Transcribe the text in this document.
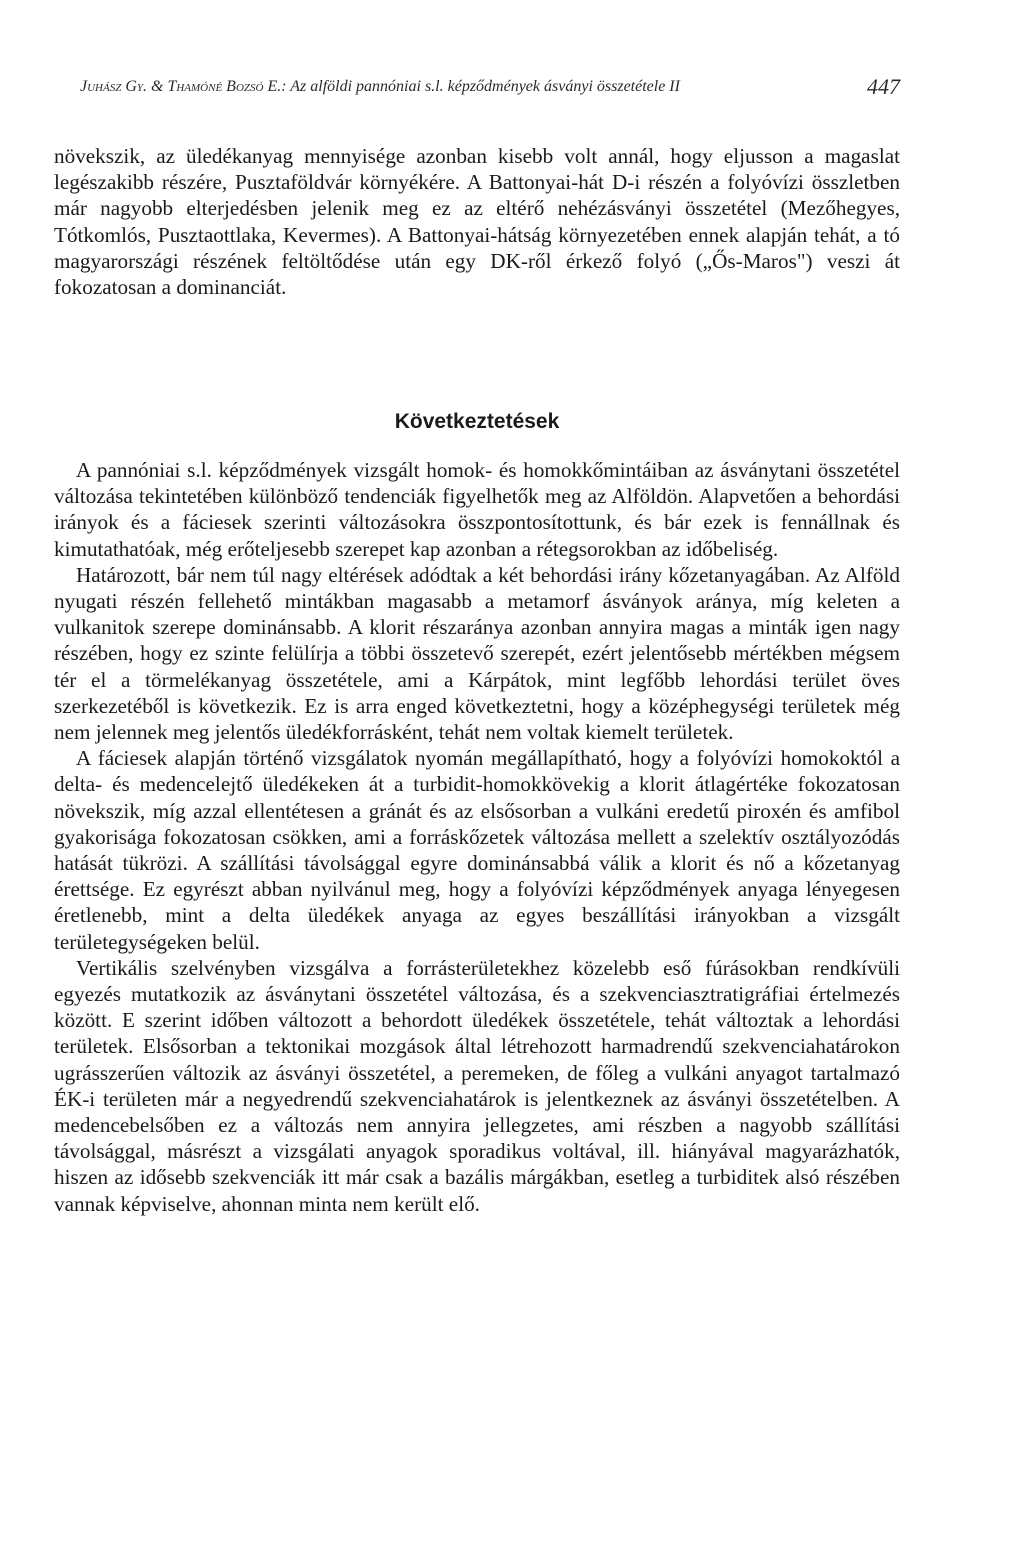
Juhász Gy. & Thamóné Bozsó E.: Az alföldi pannóniai s.l. képződmények ásványi összetétele II	447
növekszik, az üledékanyag mennyisége azonban kisebb volt annál, hogy eljusson a magaslat legészakibb részére, Pusztaföldvár környékére. A Battonyai-hát D-i részén a folyóvízi összletben már nagyobb elterjedésben jelenik meg ez az eltérő nehézásványi összetétel (Mezőhegyes, Tótkomlós, Pusztaottlaka, Kevermes). A Battonyai-hátság környezetében ennek alapján tehát, a tó magyarországi részének feltöltődése után egy DK-ről érkező folyó („Ős-Maros") veszi át fokozatosan a dominanciát.
Következtetések

A pannóniai s.l. képződmények vizsgált homok- és homokkőmintáiban az ásványtani összetétel változása tekintetében különböző tendenciák figyelhetők meg az Alföldön. Alapvetően a behordási irányok és a fáciesek szerinti változásokra összpontosítottunk, és bár ezek is fennállnak és kimutathatóak, még erőteljesebb szerepet kap azonban a rétegsorokban az időbeliség.

Határozott, bár nem túl nagy eltérések adódtak a két behordási irány kőzetanyagában. Az Alföld nyugati részén fellehető mintákban magasabb a metamorf ásványok aránya, míg keleten a vulkanitok szerepe dominánsabb. A klorit részaránya azonban annyira magas a minták igen nagy részében, hogy ez szinte felülírja a többi összetevő szerepét, ezért jelentősebb mértékben mégsem tér el a törmelékanyag összetétele, ami a Kárpátok, mint legfőbb lehordási terület öves szerkezetéből is következik. Ez is arra enged következtetni, hogy a középhegységi területek még nem jelennek meg jelentős üledékforrásként, tehát nem voltak kiemelt területek.

A fáciesek alapján történő vizsgálatok nyomán megállapítható, hogy a folyóvízi homokoktól a delta- és medencelejtő üledékeken át a turbidit-homokkövekig a klorit átlagértéke fokozatosan növekszik, míg azzal ellentétesen a gránát és az elsősorban a vulkáni eredetű piroxén és amfibol gyakorisága fokozatosan csökken, ami a forráskőzetek változása mellett a szelektív osztályozódás hatását tükrözi. A szállítási távolsággal egyre dominánsabbá válik a klorit és nő a kőzetanyag érettsége. Ez egyrészt abban nyilvánul meg, hogy a folyóvízi képződmények anyaga lényegesen éretlenebb, mint a delta üledékek anyaga az egyes beszállítási irányokban a vizsgált területegységeken belül.

Vertikális szelvényben vizsgálva a forrásterületekhez közelebb eső fúrásokban rendkívüli egyezés mutatkozik az ásványtani összetétel változása, és a szekvenciasztratigráfiai értelmezés között. E szerint időben változott a behordott üledékek összetétele, tehát változtak a lehordási területek. Elsősorban a tektonikai mozgások által létrehozott harmadrendű szekvenciahatárokon ugrásszerűen változik az ásványi összetétel, a peremeken, de főleg a vulkáni anyagot tartalmazó ÉK-i területen már a negyedrendű szekvenciahatárok is jelentkeznek az ásványi összetételben. A medencebelsőben ez a változás nem annyira jellegzetes, ami részben a nagyobb szállítási távolsággal, másrészt a vizsgálati anyagok sporadikus voltával, ill. hiányával magyarázhatók, hiszen az idősebb szekvenciák itt már csak a bazális márgákban, esetleg a turbiditek alsó részében vannak képviselve, ahonnan minta nem került elő.
